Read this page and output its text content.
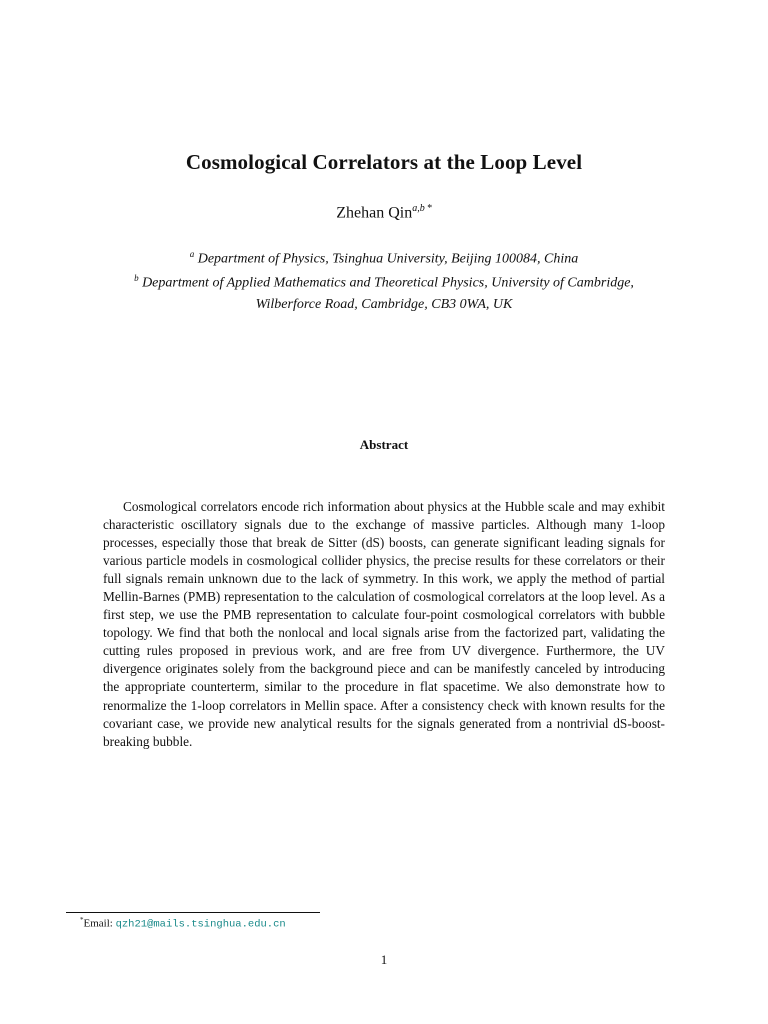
Cosmological Correlators at the Loop Level
Zhehan Qin$^{a,b *}$
$^a$ Department of Physics, Tsinghua University, Beijing 100084, China
$^b$ Department of Applied Mathematics and Theoretical Physics, University of Cambridge,
Wilberforce Road, Cambridge, CB3 0WA, UK
Abstract
Cosmological correlators encode rich information about physics at the Hubble scale and may exhibit characteristic oscillatory signals due to the exchange of massive particles. Although many 1-loop processes, especially those that break de Sitter (dS) boosts, can generate significant leading signals for various particle models in cosmological collider physics, the precise results for these correlators or their full signals remain unknown due to the lack of symmetry. In this work, we apply the method of partial Mellin-Barnes (PMB) representation to the calculation of cosmological correlators at the loop level. As a first step, we use the PMB representation to calculate four-point cosmological correlators with bubble topology. We find that both the nonlocal and local signals arise from the factorized part, validating the cutting rules proposed in previous work, and are free from UV divergence. Furthermore, the UV divergence originates solely from the background piece and can be manifestly canceled by introducing the appropriate counterterm, similar to the procedure in flat spacetime. We also demonstrate how to renormalize the 1-loop correlators in Mellin space. After a consistency check with known results for the covariant case, we provide new analytical results for the signals generated from a nontrivial dS-boost-breaking bubble.
*Email: qzh21@mails.tsinghua.edu.cn
1
